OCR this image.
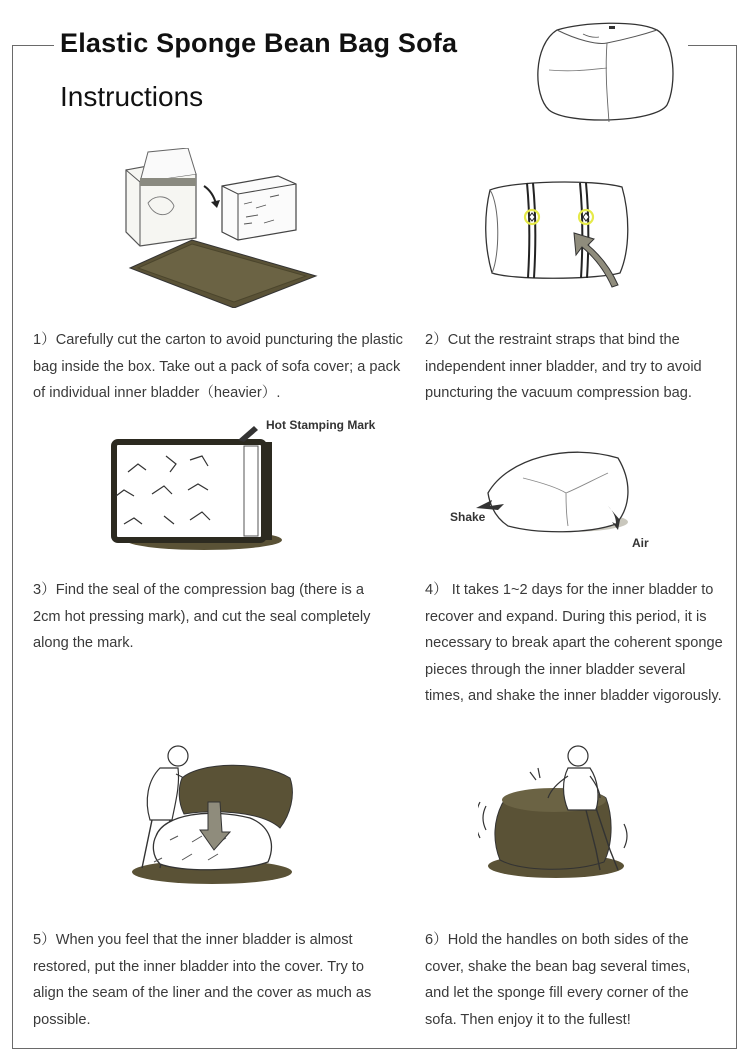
Elastic Sponge Bean Bag Sofa
Instructions
1）Carefully cut the carton to avoid puncturing the plastic bag inside the box. Take out a pack of sofa cover; a pack of individual inner bladder（heavier）.
2）Cut the restraint straps that bind the independent inner bladder, and try to avoid puncturing the vacuum compression bag.
Hot Stamping Mark
Shake
Air
3）Find the seal of the compression bag (there is a 2cm hot pressing mark), and cut the seal completely along the mark.
4） It takes 1~2 days for the inner bladder to recover and expand. During this period, it is necessary to break apart the coherent sponge pieces through the inner bladder several times, and shake the inner bladder vigorously.
5）When you feel that the inner bladder is almost restored, put the inner bladder into the cover. Try to align the seam of the liner and the cover as much as possible.
6）Hold the handles on both sides of the cover, shake the bean bag several times, and let the sponge fill every corner of the sofa. Then enjoy it to the fullest!
